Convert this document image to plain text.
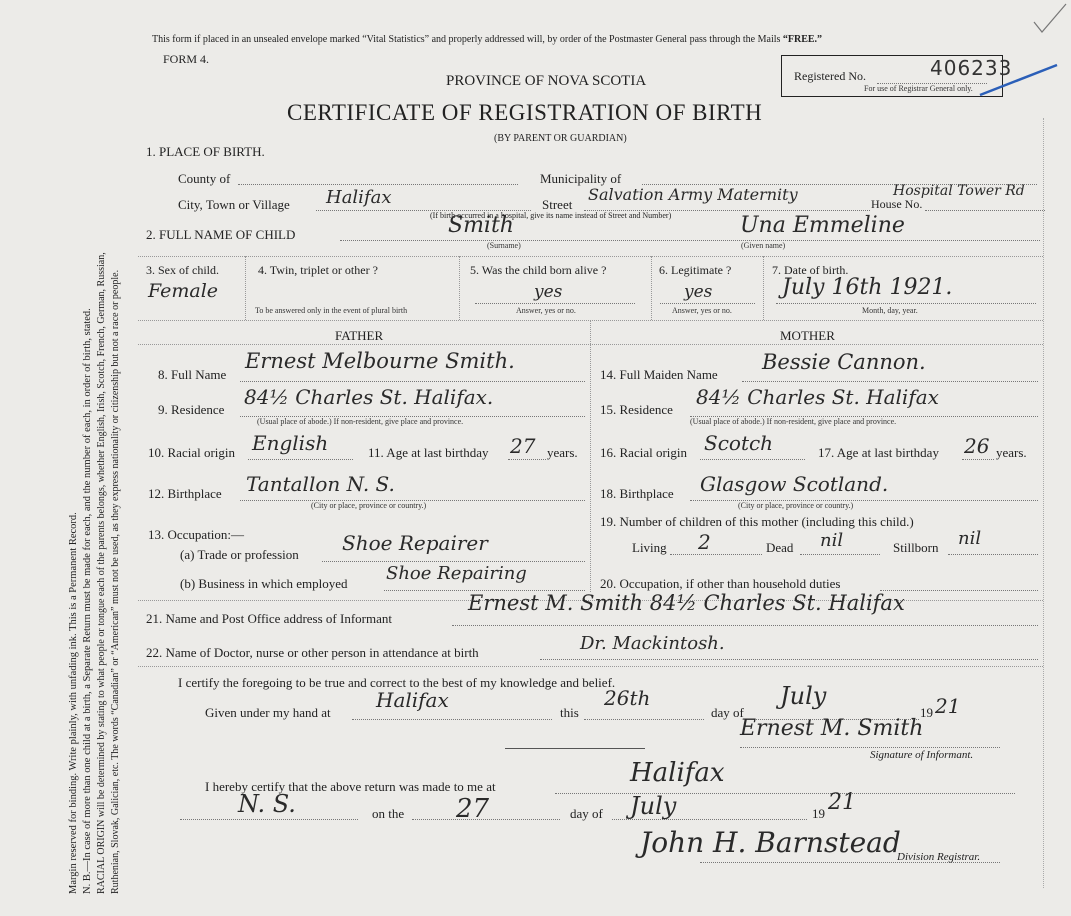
Margin reserved for binding. Write plainly, with unfading ink. This is a Permanent Record. N. B.—In case of more than one child at a birth, a Separate Return must be made for each, and the number of each, in order of birth, stated. RACIAL ORIGIN will be determined by stating to what people or tongue each of the parents belongs, whether English, Irish, Scotch, French, German, Russian, Ruthenian, Slovak, Galician, etc. The words “Canadian” or “American” must not be used, as they express nationality or citizenship but not a race or people.
This form if placed in an unsealed envelope marked “Vital Statistics” and properly addressed will, by order of the Postmaster General pass through the Mails “FREE.”
FORM 4.
PROVINCE OF NOVA SCOTIA
CERTIFICATE OF REGISTRATION OF BIRTH
(BY PARENT OR GUARDIAN)
Registered No.	406233
For use of Registrar General only.
1. PLACE OF BIRTH.
County of	Municipality of
City, Town or Village Halifax	Street
Salvation Army Maternity	House No.
Hospital Tower Rd
(If birth occurred in a hospital, give its name instead of Street and Number)
2. FULL NAME OF CHILD	Smith
(Surname)
Una Emmeline
(Given name)
3. Sex of child.
Female
4. Twin, triplet or other ?
To be answered only in the event of plural birth
5. Was the child born alive ?
yes
Answer, yes or no.
6. Legitimate ?
yes
Answer, yes or no.
7. Date of birth.
July 16th 1921.
Month, day, year.
FATHER	MOTHER
8. Full Name
Ernest Melbourne Smith.
9. Residence
84½ Charles St. Halifax.
(Usual place of abode.) If non-resident, give place and province.
10. Racial origin English	11. Age at last birthday 27 years.
12. Birthplace Tantallon N. S.
(City or place, province or country.)
13. Occupation:—
(a) Trade or profession Shoe Repairer
(b) Business in which employed Shoe Repairing
14. Full Maiden Name
Bessie Cannon.
15. Residence
84½ Charles St. Halifax
(Usual place of abode.) If non-resident, give place and province.
16. Racial origin Scotch	17. Age at last birthday 26 years.
18. Birthplace Glasgow Scotland.
(City or place, province or country.)
19. Number of children of this mother (including this child.)
Living 2	Dead nil	Stillborn nil
20. Occupation, if other than household duties
21. Name and Post Office address of Informant
Ernest M. Smith 84½ Charles St. Halifax
22. Name of Doctor, nurse or other person in attendance at birth	Dr. Mackintosh.
I certify the foregoing to be true and correct to the best of my knowledge and belief.
Given under my hand at
Halifax
this
26th
day of
July
19 21
Ernest M. Smith
Signature of Informant.
I hereby certify that the above return was made to me at	Halifax
N. S.	on the 27	day of July	19 21
John H. Barnstead
Division Registrar.
